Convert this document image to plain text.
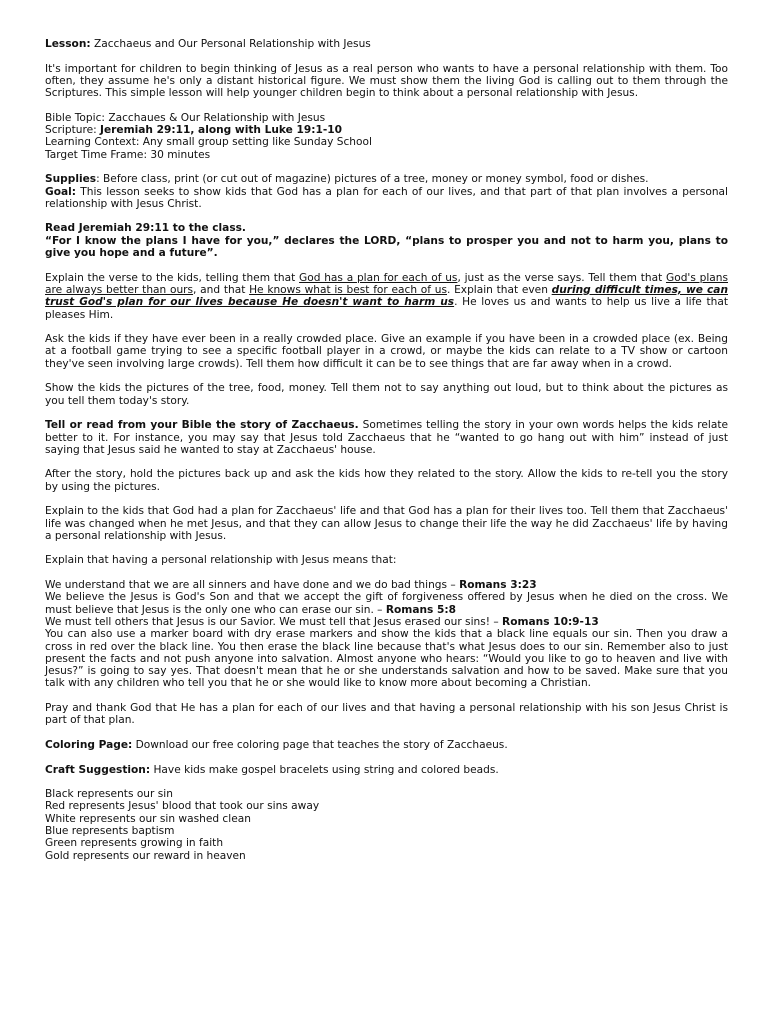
Lesson: Zacchaeus and Our Personal Relationship with Jesus

It's important for children to begin thinking of Jesus as a real person who wants to have a personal relationship with them. Too often, they assume he's only a distant historical figure. We must show them the living God is calling out to them through the Scriptures. This simple lesson will help younger children begin to think about a personal relationship with Jesus.

Bible Topic: Zacchaues & Our Relationship with Jesus

Scripture: Jeremiah 29:11, along with Luke 19:1-10

Learning Context: Any small group setting like Sunday School

Target Time Frame: 30 minutes

Supplies: Before class, print (or cut out of magazine) pictures of a tree, money or money symbol, food or dishes.

Goal: This lesson seeks to show kids that God has a plan for each of our lives, and that part of that plan involves a personal relationship with Jesus Christ.

Read Jeremiah 29:11 to the class.

“For I know the plans I have for you,” declares the LORD, “plans to prosper you and not to harm you, plans to give you hope and a future”.

Explain the verse to the kids, telling them that God has a plan for each of us, just as the verse says. Tell them that God's plans are always better than ours, and that He knows what is best for each of us. Explain that even during difficult times, we can trust God's plan for our lives because He doesn't want to harm us. He loves us and wants to help us live a life that pleases Him.

Ask the kids if they have ever been in a really crowded place. Give an example if you have been in a crowded place (ex. Being at a football game trying to see a specific football player in a crowd, or maybe the kids can relate to a TV show or cartoon they've seen involving large crowds). Tell them how difficult it can be to see things that are far away when in a crowd.

Show the kids the pictures of the tree, food, money. Tell them not to say anything out loud, but to think about the pictures as you tell them today's story.

Tell or read from your Bible the story of Zacchaeus. Sometimes telling the story in your own words helps the kids relate better to it. For instance, you may say that Jesus told Zacchaeus that he “wanted to go hang out with him” instead of just saying that Jesus said he wanted to stay at Zacchaeus' house.

After the story, hold the pictures back up and ask the kids how they related to the story. Allow the kids to re-tell you the story by using the pictures.

Explain to the kids that God had a plan for Zacchaeus' life and that God has a plan for their lives too. Tell them that Zacchaeus' life was changed when he met Jesus, and that they can allow Jesus to change their life the way he did Zacchaeus' life by having a personal relationship with Jesus.

Explain that having a personal relationship with Jesus means that:

We understand that we are all sinners and have done and we do bad things – Romans 3:23

We believe the Jesus is God's Son and that we accept the gift of forgiveness offered by Jesus when he died on the cross. We must believe that Jesus is the only one who can erase our sin. – Romans 5:8

We must tell others that Jesus is our Savior. We must tell that Jesus erased our sins! – Romans 10:9-13

You can also use a marker board with dry erase markers and show the kids that a black line equals our sin. Then you draw a cross in red over the black line. You then erase the black line because that's what Jesus does to our sin. Remember also to just present the facts and not push anyone into salvation. Almost anyone who hears: “Would you like to go to heaven and live with Jesus?” is going to say yes. That doesn't mean that he or she understands salvation and how to be saved. Make sure that you talk with any children who tell you that he or she would like to know more about becoming a Christian.

Pray and thank God that He has a plan for each of our lives and that having a personal relationship with his son Jesus Christ is part of that plan.

Coloring Page: Download our free coloring page that teaches the story of Zacchaeus.

Craft Suggestion: Have kids make gospel bracelets using string and colored beads.

Black represents our sin

Red represents Jesus' blood that took our sins away

White represents our sin washed clean

Blue represents baptism

Green represents growing in faith

Gold represents our reward in heaven
